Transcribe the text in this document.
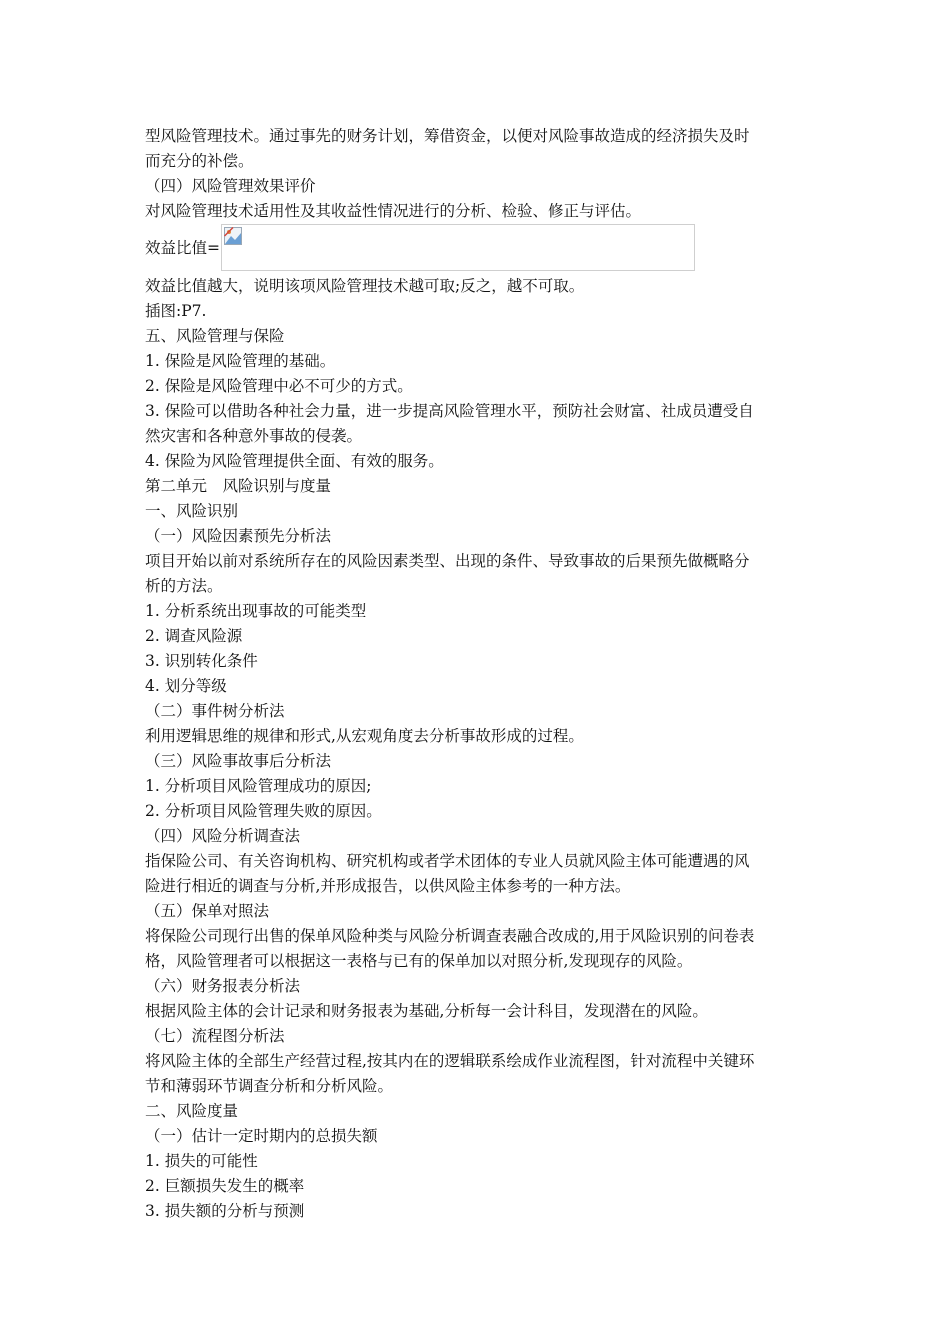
型风险管理技术。通过事先的财务计划，筹借资金，以便对风险事故造成的经济损失及时
而充分的补偿。
（四）风险管理效果评价
对风险管理技术适用性及其收益性情况进行的分析、检验、修正与评估。
效益比值=
效益比值越大，说明该项风险管理技术越可取;反之，越不可取。
插图:P7.
五、风险管理与保险
1. 保险是风险管理的基础。
2. 保险是风险管理中必不可少的方式。
3. 保险可以借助各种社会力量，进一步提高风险管理水平，预防社会财富、社成员遭受自
然灾害和各种意外事故的侵袭。
4. 保险为风险管理提供全面、有效的服务。
第二单元　风险识别与度量
一、风险识别
（一）风险因素预先分析法
项目开始以前对系统所存在的风险因素类型、出现的条件、导致事故的后果预先做概略分
析的方法。
1. 分析系统出现事故的可能类型
2. 调查风险源
3. 识别转化条件
4. 划分等级
（二）事件树分析法
利用逻辑思维的规律和形式,从宏观角度去分析事故形成的过程。
（三）风险事故事后分析法
1. 分析项目风险管理成功的原因;
2. 分析项目风险管理失败的原因。
（四）风险分析调查法
指保险公司、有关咨询机构、研究机构或者学术团体的专业人员就风险主体可能遭遇的风
险进行相近的调查与分析,并形成报告，以供风险主体参考的一种方法。
（五）保单对照法
将保险公司现行出售的保单风险种类与风险分析调查表融合改成的,用于风险识别的问卷表
格，风险管理者可以根据这一表格与已有的保单加以对照分析,发现现存的风险。
（六）财务报表分析法
根据风险主体的会计记录和财务报表为基础,分析每一会计科目，发现潜在的风险。
（七）流程图分析法
将风险主体的全部生产经营过程,按其内在的逻辑联系绘成作业流程图，针对流程中关键环
节和薄弱环节调查分析和分析风险。
二、风险度量
（一）估计一定时期内的总损失额
1. 损失的可能性
2. 巨额损失发生的概率
3. 损失额的分析与预测
